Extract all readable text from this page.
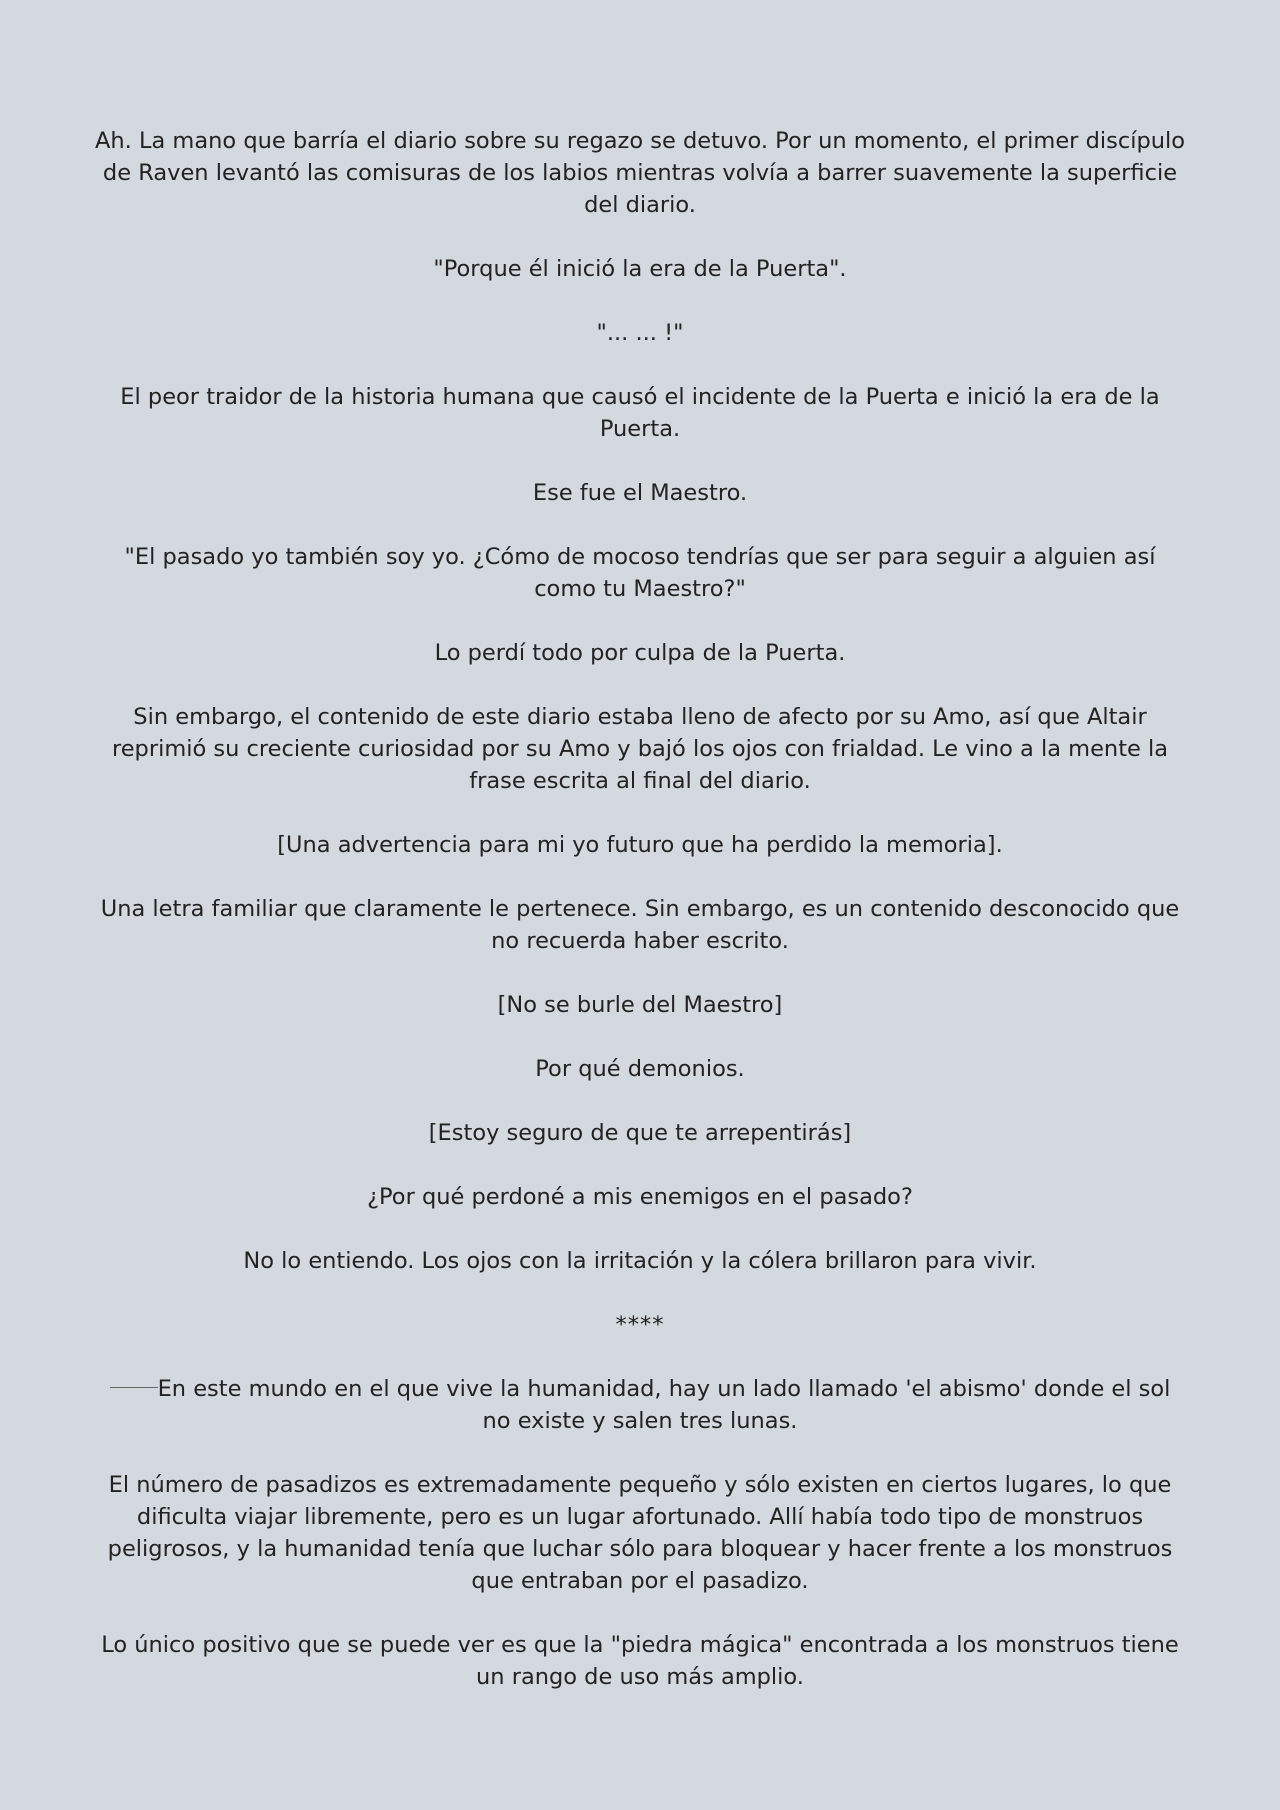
Ah. La mano que barría el diario sobre su regazo se detuvo. Por un momento, el primer discípulo de Raven levantó las comisuras de los labios mientras volvía a barrer suavemente la superficie del diario.

"Porque él inició la era de la Puerta".

"... ... !"

El peor traidor de la historia humana que causó el incidente de la Puerta e inició la era de la Puerta.

Ese fue el Maestro.

"El pasado yo también soy yo. ¿Cómo de mocoso tendrías que ser para seguir a alguien así como tu Maestro?"

Lo perdí todo por culpa de la Puerta.

Sin embargo, el contenido de este diario estaba lleno de afecto por su Amo, así que Altair reprimió su creciente curiosidad por su Amo y bajó los ojos con frialdad. Le vino a la mente la frase escrita al final del diario.

[Una advertencia para mi yo futuro que ha perdido la memoria].

Una letra familiar que claramente le pertenece. Sin embargo, es un contenido desconocido que no recuerda haber escrito.

[No se burle del Maestro]

Por qué demonios.

[Estoy seguro de que te arrepentirás]

¿Por qué perdoné a mis enemigos en el pasado?

No lo entiendo. Los ojos con la irritación y la cólera brillaron para vivir.

****

En este mundo en el que vive la humanidad, hay un lado llamado 'el abismo' donde el sol no existe y salen tres lunas.

El número de pasadizos es extremadamente pequeño y sólo existen en ciertos lugares, lo que dificulta viajar libremente, pero es un lugar afortunado. Allí había todo tipo de monstruos peligrosos, y la humanidad tenía que luchar sólo para bloquear y hacer frente a los monstruos que entraban por el pasadizo.

Lo único positivo que se puede ver es que la "piedra mágica" encontrada a los monstruos tiene un rango de uso más amplio.
